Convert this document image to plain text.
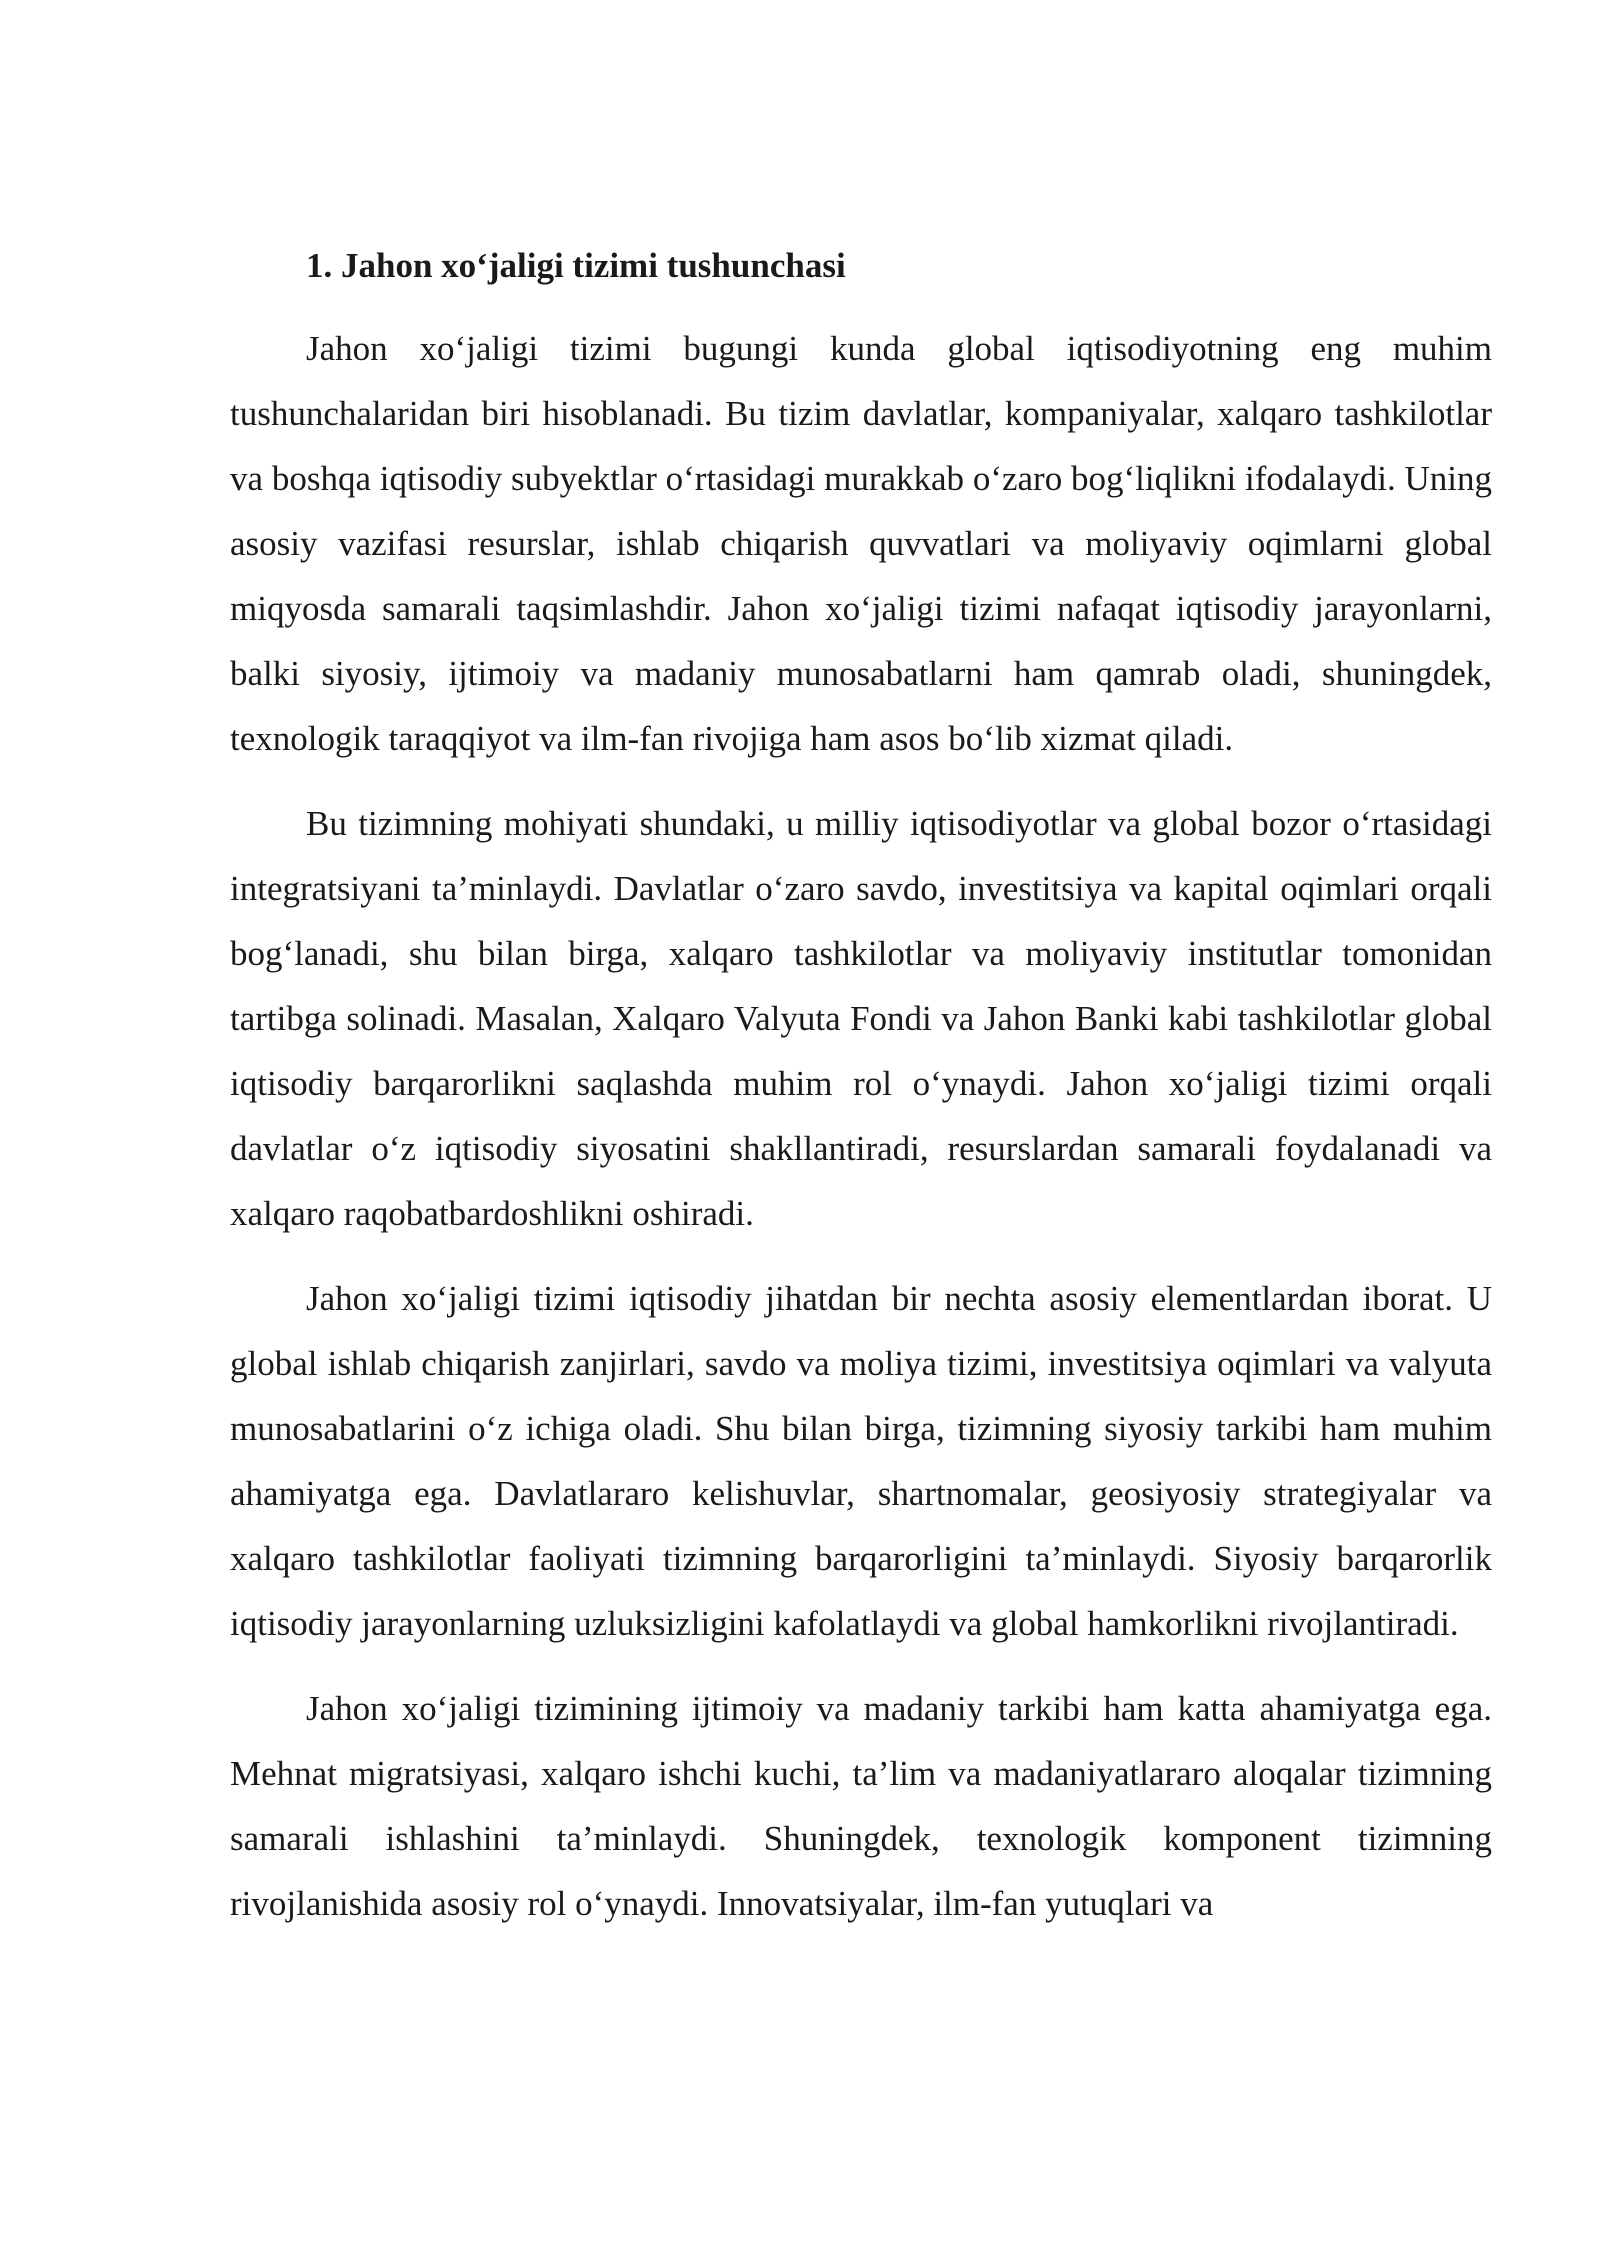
1. Jahon xo‘jaligi tizimi tushunchasi

Jahon xo‘jaligi tizimi bugungi kunda global iqtisodiyotning eng muhim tushunchalaridan biri hisoblanadi. Bu tizim davlatlar, kompaniyalar, xalqaro tashkilotlar va boshqa iqtisodiy subyektlar o‘rtasidagi murakkab o‘zaro bog‘liqlikni ifodalaydi. Uning asosiy vazifasi resurslar, ishlab chiqarish quvvatlari va moliyaviy oqimlarni global miqyosda samarali taqsimlashdir. Jahon xo‘jaligi tizimi nafaqat iqtisodiy jarayonlarni, balki siyosiy, ijtimoiy va madaniy munosabatlarni ham qamrab oladi, shuningdek, texnologik taraqqiyot va ilm-fan rivojiga ham asos bo‘lib xizmat qiladi.

Bu tizimning mohiyati shundaki, u milliy iqtisodiyotlar va global bozor o‘rtasidagi integratsiyani ta’minlaydi. Davlatlar o‘zaro savdo, investitsiya va kapital oqimlari orqali bog‘lanadi, shu bilan birga, xalqaro tashkilotlar va moliyaviy institutlar tomonidan tartibga solinadi. Masalan, Xalqaro Valyuta Fondi va Jahon Banki kabi tashkilotlar global iqtisodiy barqarorlikni saqlashda muhim rol o‘ynaydi. Jahon xo‘jaligi tizimi orqali davlatlar o‘z iqtisodiy siyosatini shakllantiradi, resurslardan samarali foydalanadi va xalqaro raqobatbardoshlikni oshiradi.

Jahon xo‘jaligi tizimi iqtisodiy jihatdan bir nechta asosiy elementlardan iborat. U global ishlab chiqarish zanjirlari, savdo va moliya tizimi, investitsiya oqimlari va valyuta munosabatlarini o‘z ichiga oladi. Shu bilan birga, tizimning siyosiy tarkibi ham muhim ahamiyatga ega. Davlatlararo kelishuvlar, shartnomalar, geosiyosiy strategiyalar va xalqaro tashkilotlar faoliyati tizimning barqarorligini ta’minlaydi. Siyosiy barqarorlik iqtisodiy jarayonlarning uzluksizligini kafolatlaydi va global hamkorlikni rivojlantiradi.

Jahon xo‘jaligi tizimining ijtimoiy va madaniy tarkibi ham katta ahamiyatga ega. Mehnat migratsiyasi, xalqaro ishchi kuchi, ta’lim va madaniyatlararo aloqalar tizimning samarali ishlashini ta’minlaydi. Shuningdek, texnologik komponent tizimning rivojlanishida asosiy rol o‘ynaydi. Innovatsiyalar, ilm-fan yutuqlari va
